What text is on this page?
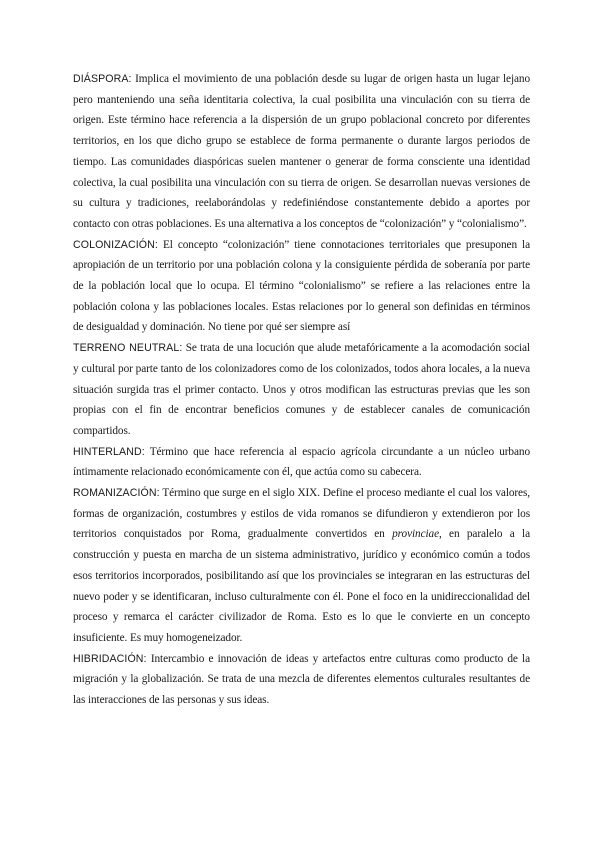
DIÁSPORA: Implica el movimiento de una población desde su lugar de origen hasta un lugar lejano pero manteniendo una seña identitaria colectiva, la cual posibilita una vinculación con su tierra de origen. Este término hace referencia a la dispersión de un grupo poblacional concreto por diferentes territorios, en los que dicho grupo se establece de forma permanente o durante largos periodos de tiempo. Las comunidades diaspóricas suelen mantener o generar de forma consciente una identidad colectiva, la cual posibilita una vinculación con su tierra de origen. Se desarrollan nuevas versiones de su cultura y tradiciones, reelaborándolas y redefiniéndose constantemente debido a aportes por contacto con otras poblaciones. Es una alternativa a los conceptos de “colonización” y “colonialismo”.

COLONIZACIÓN: El concepto “colonización” tiene connotaciones territoriales que presuponen la apropiación de un territorio por una población colona y la consiguiente pérdida de soberanía por parte de la población local que lo ocupa. El término “colonialismo” se refiere a las relaciones entre la población colona y las poblaciones locales. Estas relaciones por lo general son definidas en términos de desigualdad y dominación. No tiene por qué ser siempre así

TERRENO NEUTRAL: Se trata de una locución que alude metafóricamente a la acomodación social y cultural por parte tanto de los colonizadores como de los colonizados, todos ahora locales, a la nueva situación surgida tras el primer contacto. Unos y otros modifican las estructuras previas que les son propias con el fin de encontrar beneficios comunes y de establecer canales de comunicación compartidos.

HINTERLAND: Término que hace referencia al espacio agrícola circundante a un núcleo urbano íntimamente relacionado económicamente con él, que actúa como su cabecera.

ROMANIZACIÓN: Término que surge en el siglo XIX. Define el proceso mediante el cual los valores, formas de organización, costumbres y estilos de vida romanos se difundieron y extendieron por los territorios conquistados por Roma, gradualmente convertidos en provinciae, en paralelo a la construcción y puesta en marcha de un sistema administrativo, jurídico y económico común a todos esos territorios incorporados, posibilitando así que los provinciales se integraran en las estructuras del nuevo poder y se identificaran, incluso culturalmente con él. Pone el foco en la unidireccionalidad del proceso y remarca el carácter civilizador de Roma. Esto es lo que le convierte en un concepto insuficiente. Es muy homogeneizador.

HIBRIDACIÓN: Intercambio e innovación de ideas y artefactos entre culturas como producto de la migración y la globalización. Se trata de una mezcla de diferentes elementos culturales resultantes de las interacciones de las personas y sus ideas.
